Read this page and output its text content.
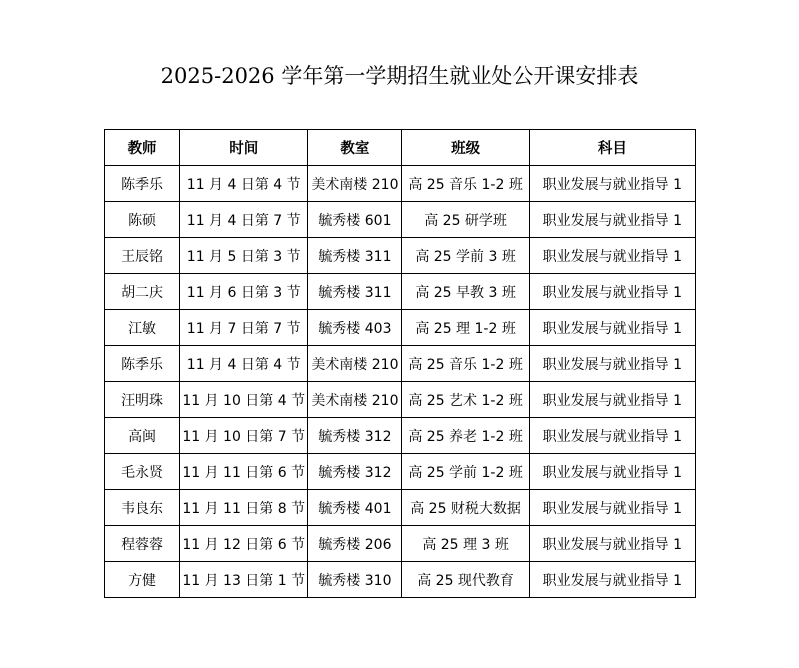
2025-2026 学年第一学期招生就业处公开课安排表
教师	时间	教室	班级	科目
陈季乐	11 月 4 日第 4 节	美术南楼 210	高 25 音乐 1-2 班	职业发展与就业指导 1
陈硕	11 月 4 日第 7 节	毓秀楼 601	高 25 研学班	职业发展与就业指导 1
王辰铭	11 月 5 日第 3 节	毓秀楼 311	高 25 学前 3 班	职业发展与就业指导 1
胡二庆	11 月 6 日第 3 节	毓秀楼 311	高 25 早教 3 班	职业发展与就业指导 1
江敏	11 月 7 日第 7 节	毓秀楼 403	高 25 理 1-2 班	职业发展与就业指导 1
陈季乐	11 月 4 日第 4 节	美术南楼 210	高 25 音乐 1-2 班	职业发展与就业指导 1
汪明珠	11 月 10 日第 4 节	美术南楼 210	高 25 艺术 1-2 班	职业发展与就业指导 1
高闽	11 月 10 日第 7 节	毓秀楼 312	高 25 养老 1-2 班	职业发展与就业指导 1
毛永贤	11 月 11 日第 6 节	毓秀楼 312	高 25 学前 1-2 班	职业发展与就业指导 1
韦良东	11 月 11 日第 8 节	毓秀楼 401	高 25 财税大数据	职业发展与就业指导 1
程蓉蓉	11 月 12 日第 6 节	毓秀楼 206	高 25 理 3 班	职业发展与就业指导 1
方健	11 月 13 日第 1 节	毓秀楼 310	高 25 现代教育	职业发展与就业指导 1
